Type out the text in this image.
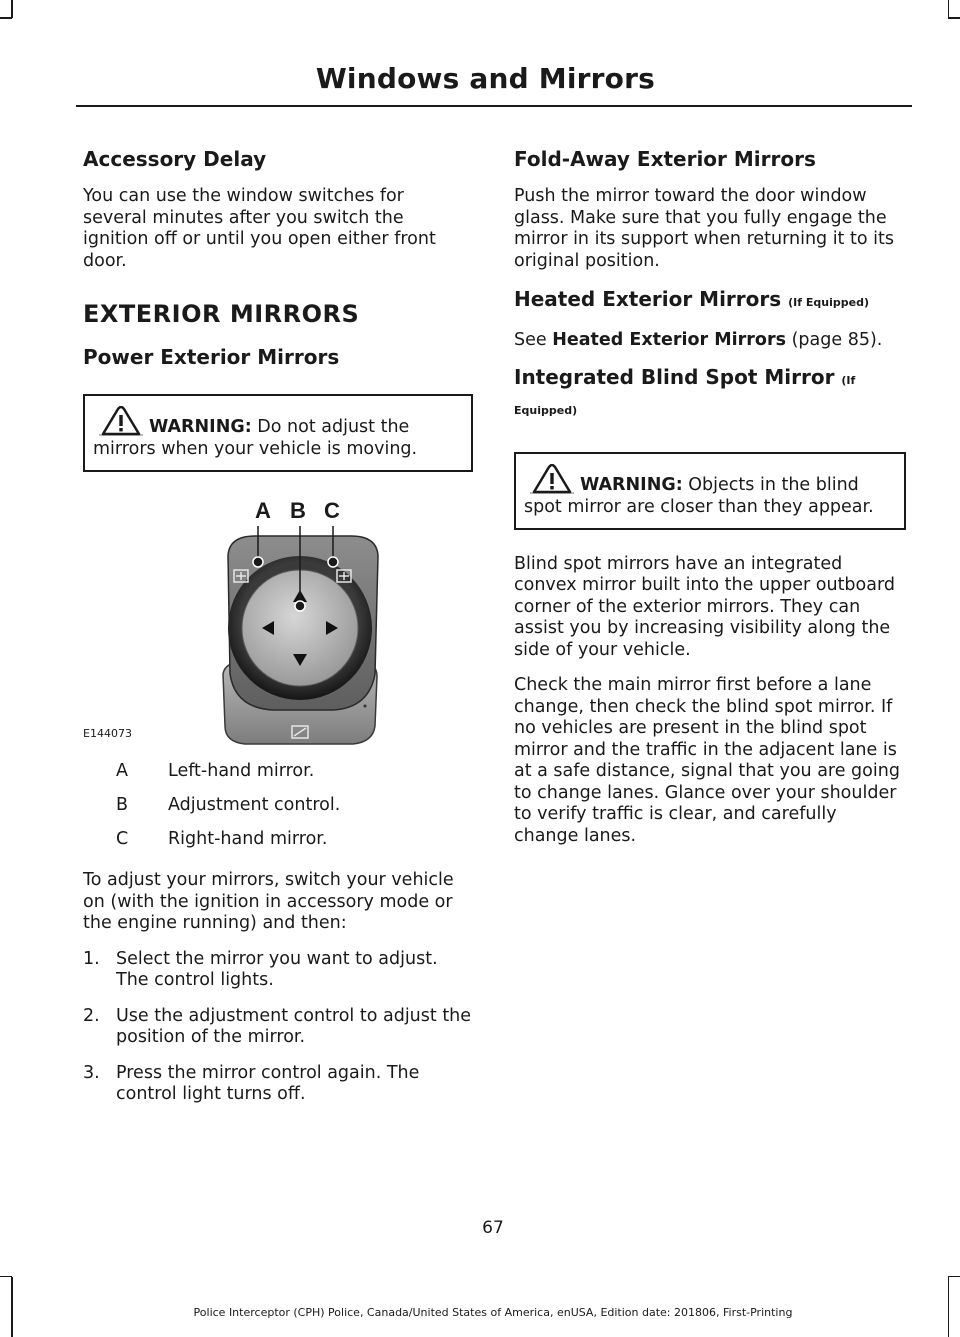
Windows and Mirrors
Accessory Delay

You can use the window switches for several minutes after you switch the ignition off or until you open either front door.

EXTERIOR MIRRORS
Power Exterior Mirrors
WARNING: Do not adjust the mirrors when your vehicle is moving.
A B C
E144073
A	Left-hand mirror.
B	Adjustment control.
C	Right-hand mirror.

To adjust your mirrors, switch your vehicle on (with the ignition in accessory mode or the engine running) and then:

1. Select the mirror you want to adjust. The control lights.
2. Use the adjustment control to adjust the position of the mirror.
3. Press the mirror control again. The control light turns off.
Fold-Away Exterior Mirrors

Push the mirror toward the door window glass. Make sure that you fully engage the mirror in its support when returning it to its original position.

Heated Exterior Mirrors (If Equipped)

See Heated Exterior Mirrors (page 85).

Integrated Blind Spot Mirror (If Equipped)
WARNING: Objects in the blind spot mirror are closer than they appear.

Blind spot mirrors have an integrated convex mirror built into the upper outboard corner of the exterior mirrors. They can assist you by increasing visibility along the side of your vehicle.

Check the main mirror first before a lane change, then check the blind spot mirror. If no vehicles are present in the blind spot mirror and the traffic in the adjacent lane is at a safe distance, signal that you are going to change lanes. Glance over your shoulder to verify traffic is clear, and carefully change lanes.

67
Police Interceptor (CPH) Police, Canada/United States of America, enUSA, Edition date: 201806, First-Printing
